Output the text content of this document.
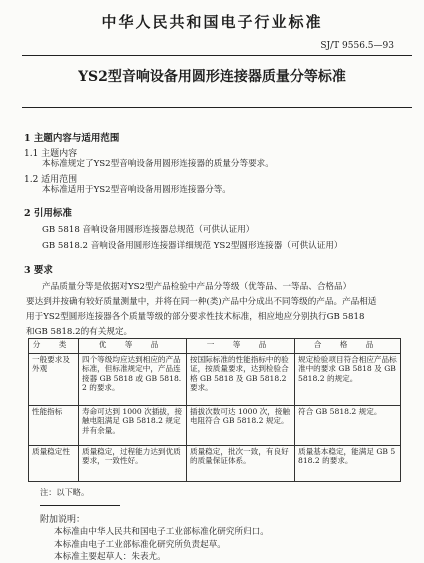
中华人民共和国电子行业标准
SJ/T 9556.5—93
YS2型音响设备用圆形连接器质量分等标准
1 主题内容与适用范围
1.1 主题内容
本标准规定了YS2型音响设备用圆形连接器的质量分等要求。
1.2 适用范围
本标准适用于YS2型音响设备用圆形连接器分等。
2 引用标准
GB 5818 音响设备用圆形连接器总规范（可供认证用）
GB 5818.2 音响设备用圆形连接器详细规范 YS2型圆形连接器（可供认证用）
3 要求
产品质量分等是依据对YS2型产品检验中产品分等级（优等品、一等品、合格品）
要达到并按确有较好质量测量中，并将在同一种(类)产品中分成出不同等级的产品。产品相适
用于YS2型圆形连接器各个质量等级的部分要求性技术标准，相应地应分别执行GB 5818
和GB 5818.2的有关规定。
分 类	优 等 品	一 等 品	合 格 品
一般要求及外观	四个等级均应达到相应的产品标准，但标准规定中，产品连接器 GB 5818 或 GB 5818.2 的要求。	按国际标准的性能指标中的验证，按质量要求，达到检验合格 GB 5818 及 GB 5818.2 要求。	规定检验项目符合相应产品标准中的要求 GB 5818 及 GB 5818.2 的规定。
性能指标	寿命可达到 1000 次插拔，接触电阻满足 GB 5818.2 规定并有余量。	插拔次数可达 1000 次，接触电阻符合 GB 5818.2 规定。	符合 GB 5818.2 规定。
质量稳定性	质量稳定，过程能力达到优质要求，一致性好。	质量稳定，批次一致，有良好的质量保证体系。	质量基本稳定，能满足 GB 5818.2 的要求。
注：以下略。
附加说明：
本标准由中华人民共和国电子工业部标准化研究所归口。
本标准由电子工业部标准化研究所负责起草。
本标准主要起草人：朱表尤。
